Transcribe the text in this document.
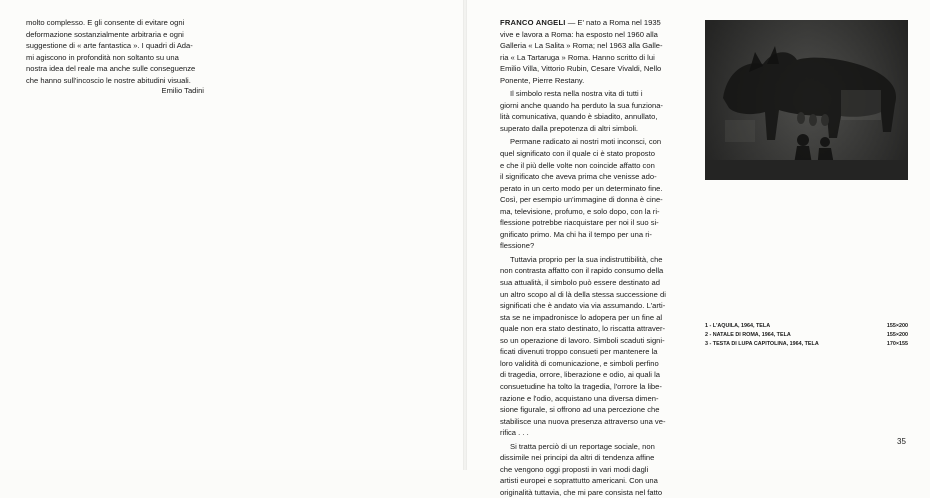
molto complesso. E gli consente di evitare ogni
deformazione sostanzialmente arbitraria e ogni
suggestione di « arte fantastica ». I quadri di Ada-
mi agiscono in profondità non soltanto su una
nostra idea del reale ma anche sulle conseguenze
che hanno sull'incoscio le nostre abitudini visuali.
Emilio Tadini
FRANCO ANGELI — E' nato a Roma nel 1935
vive e lavora a Roma: ha esposto nel 1960 alla
Galleria « La Salita » Roma; nel 1963 alla Galle-
ria « La Tartaruga » Roma. Hanno scritto di lui
Emilio Villa, Vittorio Rubin, Cesare Vivaldi, Nello
Ponente, Pierre Restany.
Il simbolo resta nella nostra vita di tutti i
giorni anche quando ha perduto la sua funziona-
lità comunicativa, quando è sbiadito, annullato,
superato dalla prepotenza di altri simboli.
Permane radicato ai nostri moti inconsci, con
quel significato con il quale ci è stato proposto
e che il più delle volte non coincide affatto con
il significato che aveva prima che venisse ado-
perato in un certo modo per un determinato fine.
Così, per esempio un'immagine di donna è cine-
ma, televisione, profumo, e solo dopo, con la ri-
flessione potrebbe riacquistare per noi il suo si-
gnificato primo. Ma chi ha il tempo per una ri-
flessione?
Tuttavia proprio per la sua indistruttibilità, che
non contrasta affatto con il rapido consumo della
sua attualità, il simbolo può essere destinato ad
un altro scopo al di là della stessa successione di
significati che è andato via via assumando. L'arti-
sta se ne impadronisce lo adopera per un fine al
quale non era stato destinato, lo riscatta attraver-
so un operazione di lavoro. Simboli scaduti signi-
ficati divenuti troppo consueti per mantenere la
loro validità di comunicazione, e simboli perfino
di tragedia, orrore, liberazione e odio, ai quali la
consuetudine ha tolto la tragedia, l'orrore la libe-
razione e l'odio, acquistano una diversa dimen-
sione figurale, si offrono ad una percezione che
stabilisce una nuova presenza attraverso una ve-
rifica . . .
Si tratta perciò di un reportage sociale, non
dissimile nei principi da altri di tendenza affine
che vengono oggi proposti in vari modi dagli
artisti europei e soprattutto americani. Con una
originalità tuttavia, che mi pare consista nel fatto
1 - L'AQUILA, 1964, TELA	155×200
2 - NATALE DI ROMA, 1964, TELA	155×200
3 - TESTA DI LUPA CAPITOLINA, 1964, TELA	170×155
35
